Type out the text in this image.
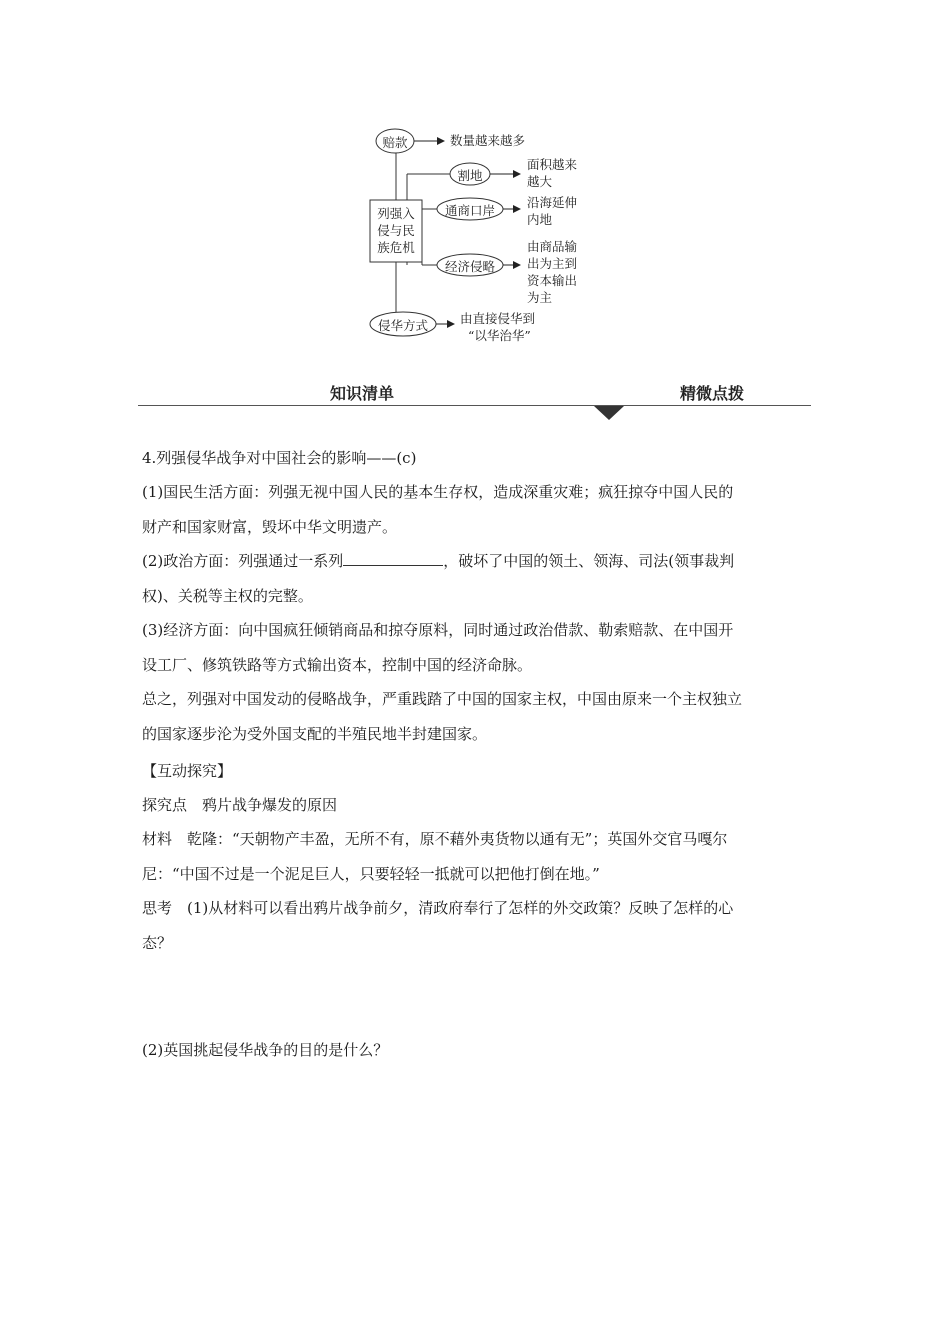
列强入
侵与民
族危机
赔款
割地
通商口岸
经济侵略
侵华方式
数量越来越多
面积越来
越大
沿海延伸
内地
由商品输
出为主到
资本输出
为主
由直接侵华到
“以华治华”
知识清单	精微点拨
4.列强侵华战争对中国社会的影响——(c)
(1)国民生活方面：列强无视中国人民的基本生存权，造成深重灾难；疯狂掠夺中国人民的
财产和国家财富，毁坏中华文明遗产。
(2)政治方面：列强通过一系列	，破坏了中国的领土、领海、司法(领事裁判
权)、关税等主权的完整。
(3)经济方面：向中国疯狂倾销商品和掠夺原料，同时通过政治借款、勒索赔款、在中国开
设工厂、修筑铁路等方式输出资本，控制中国的经济命脉。
总之，列强对中国发动的侵略战争，严重践踏了中国的国家主权，中国由原来一个主权独立
的国家逐步沦为受外国支配的半殖民地半封建国家。
【互动探究】
探究点　鸦片战争爆发的原因
材料　乾隆：“天朝物产丰盈，无所不有，原不藉外夷货物以通有无”；英国外交官马嘎尔
尼：“中国不过是一个泥足巨人，只要轻轻一抵就可以把他打倒在地。”
思考　(1)从材料可以看出鸦片战争前夕，清政府奉行了怎样的外交政策？反映了怎样的心
态？
(2)英国挑起侵华战争的目的是什么？
